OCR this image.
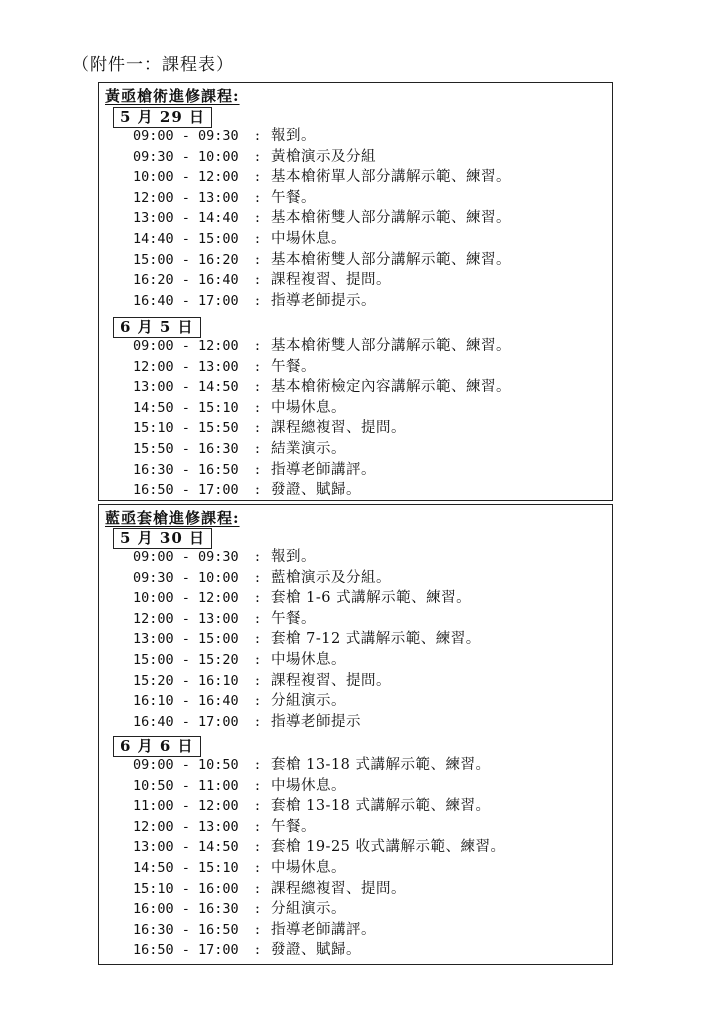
（附件一：課程表）
黃亟槍術進修課程:
5 月 29 日
09:00 - 09:30 : 報到。
09:30 - 10:00 : 黃槍演示及分組
10:00 - 12:00 : 基本槍術單人部分講解示範、練習。
12:00 - 13:00 : 午餐。
13:00 - 14:40 : 基本槍術雙人部分講解示範、練習。
14:40 - 15:00 : 中場休息。
15:00 - 16:20 : 基本槍術雙人部分講解示範、練習。
16:20 - 16:40 : 課程複習、提問。
16:40 - 17:00 : 指導老師提示。
6 月 5 日
09:00 - 12:00 : 基本槍術雙人部分講解示範、練習。
12:00 - 13:00 : 午餐。
13:00 - 14:50 : 基本槍術檢定內容講解示範、練習。
14:50 - 15:10 : 中場休息。
15:10 - 15:50 : 課程總複習、提問。
15:50 - 16:30 : 結業演示。
16:30 - 16:50 : 指導老師講評。
16:50 - 17:00 : 發證、賦歸。
藍亟套槍進修課程:
5 月 30 日
09:00 - 09:30 : 報到。
09:30 - 10:00 : 藍槍演示及分組。
10:00 - 12:00 : 套槍 1-6 式講解示範、練習。
12:00 - 13:00 : 午餐。
13:00 - 15:00 : 套槍 7-12 式講解示範、練習。
15:00 - 15:20 : 中場休息。
15:20 - 16:10 : 課程複習、提問。
16:10 - 16:40 : 分組演示。
16:40 - 17:00 : 指導老師提示
6 月 6 日
09:00 - 10:50 : 套槍 13-18 式講解示範、練習。
10:50 - 11:00 : 中場休息。
11:00 - 12:00 : 套槍 13-18 式講解示範、練習。
12:00 - 13:00 : 午餐。
13:00 - 14:50 : 套槍 19-25 收式講解示範、練習。
14:50 - 15:10 : 中場休息。
15:10 - 16:00 : 課程總複習、提問。
16:00 - 16:30 : 分組演示。
16:30 - 16:50 : 指導老師講評。
16:50 - 17:00 : 發證、賦歸。
